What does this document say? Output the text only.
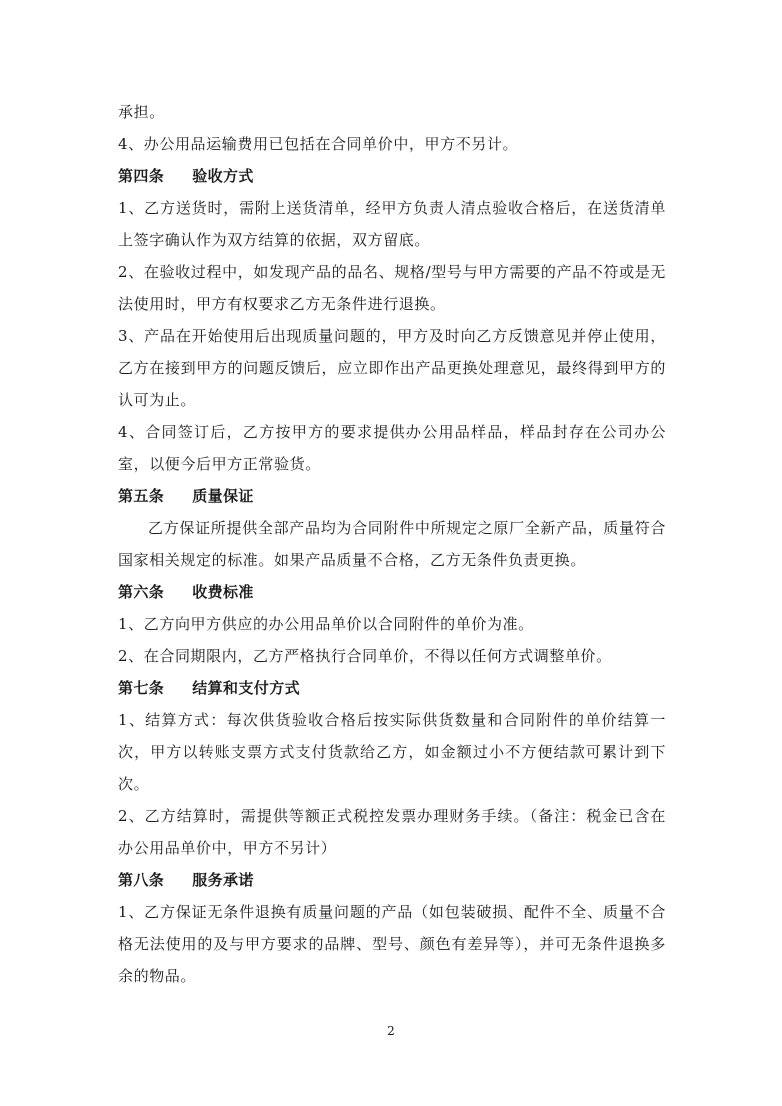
承担。

4、办公用品运输费用已包括在合同单价中，甲方不另计。

第四条 验收方式

1、乙方送货时，需附上送货清单，经甲方负责人清点验收合格后，在送货清单上签字确认作为双方结算的依据，双方留底。

2、在验收过程中，如发现产品的品名、规格/型号与甲方需要的产品不符或是无法使用时，甲方有权要求乙方无条件进行退换。

3、产品在开始使用后出现质量问题的，甲方及时向乙方反馈意见并停止使用，乙方在接到甲方的问题反馈后，应立即作出产品更换处理意见，最终得到甲方的认可为止。

4、合同签订后，乙方按甲方的要求提供办公用品样品，样品封存在公司办公室，以便今后甲方正常验货。

第五条 质量保证

乙方保证所提供全部产品均为合同附件中所规定之原厂全新产品，质量符合国家相关规定的标准。如果产品质量不合格，乙方无条件负责更换。

第六条 收费标准

1、乙方向甲方供应的办公用品单价以合同附件的单价为准。

2、在合同期限内，乙方严格执行合同单价，不得以任何方式调整单价。

第七条 结算和支付方式

1、结算方式：每次供货验收合格后按实际供货数量和合同附件的单价结算一次，甲方以转账支票方式支付货款给乙方，如金额过小不方便结款可累计到下次。

2、乙方结算时，需提供等额正式税控发票办理财务手续。（备注：税金已含在办公用品单价中，甲方不另计）

第八条 服务承诺

1、乙方保证无条件退换有质量问题的产品（如包装破损、配件不全、质量不合格无法使用的及与甲方要求的品牌、型号、颜色有差异等），并可无条件退换多余的物品。

2
